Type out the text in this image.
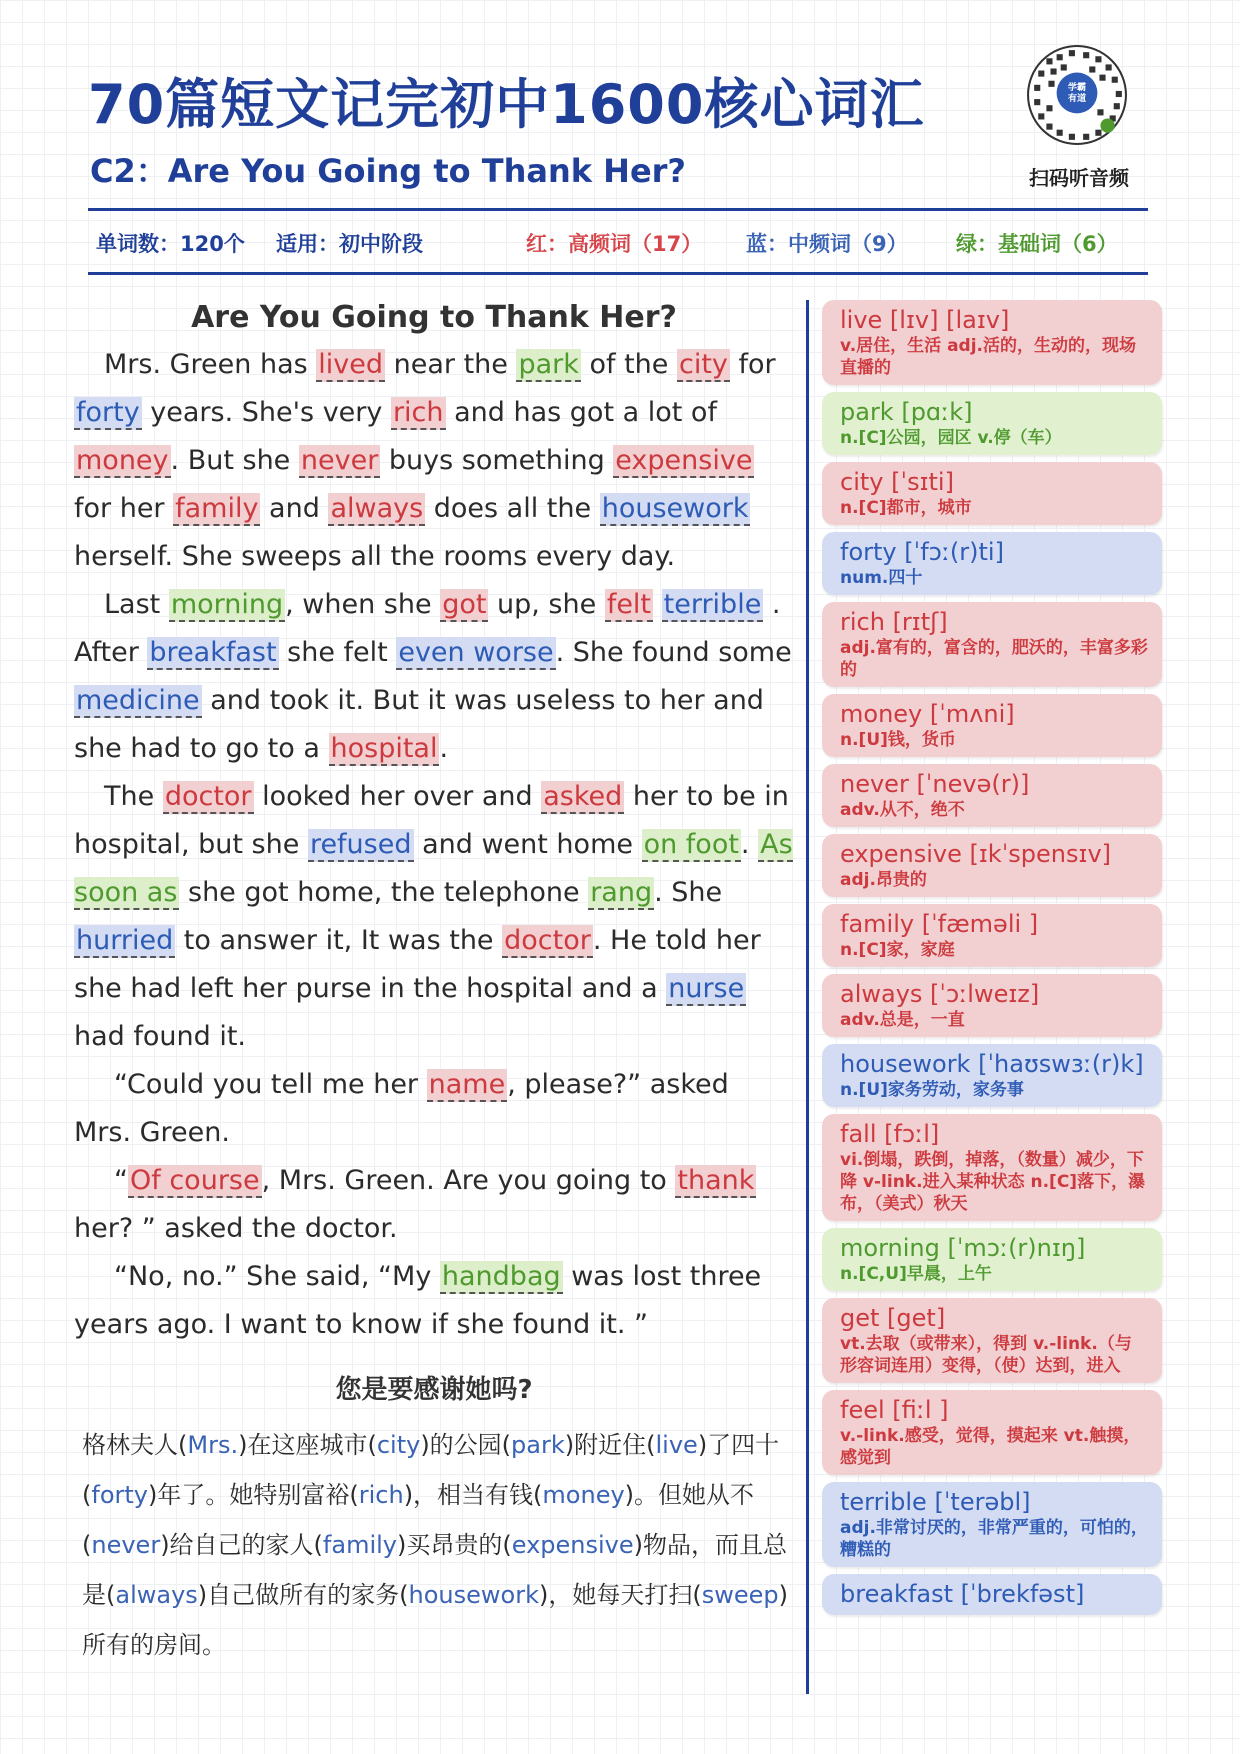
70篇短文记完初中1600核心词汇
C2：Are You Going to Thank Her?
学霸
有道
扫码听音频
单词数：120个 适用：初中阶段	红：高频词（17） 蓝：中频词（9） 绿：基础词（6）
Are You Going to Thank Her?

Mrs. Green has lived near the park of the city for forty years. She's very rich and has got a lot of money. But she never buys something expensive for her family and always does all the housework herself. She sweeps all the rooms every day.

Last morning, when she got up, she felt terrible . After breakfast she felt even worse. She found some medicine and took it. But it was useless to her and she had to go to a hospital.

The doctor looked her over and asked her to be in hospital, but she refused and went home on foot. As soon as she got home, the telephone rang. She hurried to answer it, It was the doctor. He told her she had left her purse in the hospital and a nurse had found it.

“Could you tell me her name, please?” asked Mrs. Green.

“Of course, Mrs. Green. Are you going to thank her? ” asked the doctor.

“No, no.” She said, “My handbag was lost three years ago. I want to know if she found it. ”

您是要感谢她吗?

格林夫人(Mrs.)在这座城市(city)的公园(park)附近住(live)了四十(forty)年了。她特别富裕(rich)，相当有钱(money)。但她从不(never)给自己的家人(family)买昂贵的(expensive)物品，而且总是(always)自己做所有的家务(housework)，她每天打扫(sweep)所有的房间。

live [lɪv] [laɪv]
v.居住，生活 adj.活的，生动的，现场直播的
park [pɑːk]
n.[C]公园，园区 v.停（车）
city [ˈsɪti]
n.[C]都市，城市
forty [ˈfɔː(r)ti]
num.四十
rich [rɪtʃ]
adj.富有的，富含的，肥沃的，丰富多彩的
money [ˈmʌni]
n.[U]钱，货币
never [ˈnevə(r)]
adv.从不，绝不
expensive [ɪkˈspensɪv]
adj.昂贵的
family [ˈfæməli ]
n.[C]家，家庭
always [ˈɔːlweɪz]
adv.总是，一直
housework [ˈhaʊswɜː(r)k]
n.[U]家务劳动，家务事
fall [fɔːl]
vi.倒塌，跌倒，掉落，（数量）减少，下降 v-link.进入某种状态 n.[C]落下，瀑布，（美式）秋天
morning [ˈmɔː(r)nɪŋ]
n.[C,U]早晨，上午
get [get]
vt.去取（或带来），得到 v.-link.（与形容词连用）变得，（使）达到，进入
feel [fiːl ]
v.-link.感受，觉得，摸起来 vt.触摸，感觉到
terrible [ˈterəbl]
adj.非常讨厌的，非常严重的，可怕的，糟糕的
breakfast [ˈbrekfəst]
